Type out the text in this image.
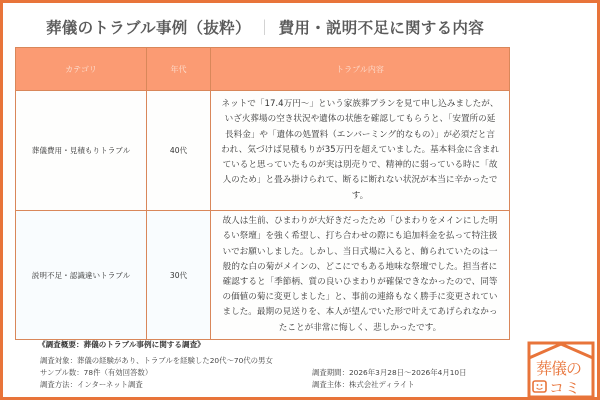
葬儀のトラブル事例（抜粋） ｜ 費用・説明不足に関する内容
カテゴリ	年代	トラブル内容
葬儀費用・見積もりトラブル	40代	ネットで「17.4万円〜」という家族葬プランを見て申し込みましたが、いざ火葬場の空き状況や遺体の状態を確認してもらうと、「安置所の延長料金」や「遺体の処置料（エンバーミング的なもの）」が必須だと言われ、気づけば見積もりが35万円を超えていました。基本料金に含まれていると思っていたものが実は別売りで、精神的に弱っている時に「故人のため」と畳み掛けられて、断るに断れない状況が本当に辛かったです。
説明不足・認識違いトラブル	30代	故人は生前、ひまわりが大好きだったため「ひまわりをメインにした明るい祭壇」を強く希望し、打ち合わせの際にも追加料金を払って特注扱いでお願いしました。しかし、当日式場に入ると、飾られていたのは一般的な白の菊がメインの、どこにでもある地味な祭壇でした。担当者に確認すると「季節柄、質の良いひまわりが確保できなかったので、同等の価値の菊に変更しました」と、事前の連絡もなく勝手に変更されていました。最期の見送りを、本人が望んでいた形で叶えてあげられなかったことが非常に悔しく、悲しかったです。
《調査概要：葬儀のトラブル事例に関する調査》
調査対象：葬儀の経験があり、トラブルを経験した20代〜70代の男女
サンプル数：78件（有効回答数）
調査方法：インターネット調査
調査期間：2026年3月28日〜2026年4月10日
調査主体：株式会社ディライト
葬儀の
コミ
